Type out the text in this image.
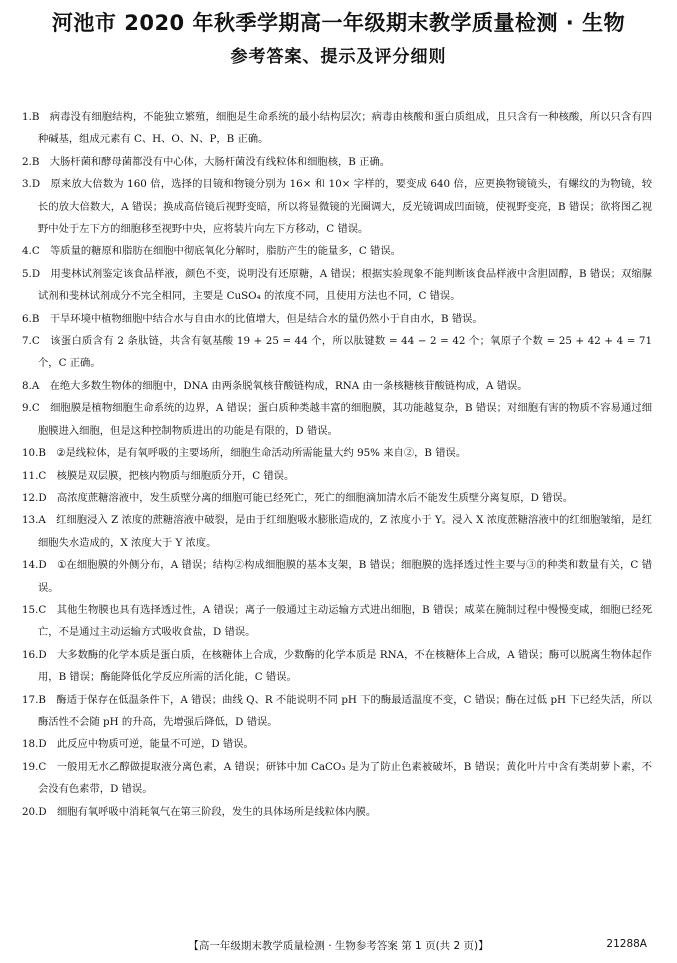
河池市 2020 年秋季学期高一年级期末教学质量检测 · 生物
参考答案、提示及评分细则

1.B  病毒没有细胞结构，不能独立繁殖，细胞是生命系统的最小结构层次；病毒由核酸和蛋白质组成，且只含有一种核酸，所以只含有四种碱基，组成元素有 C、H、O、N、P，B 正确。

2.B  大肠杆菌和酵母菌都没有中心体，大肠杆菌没有线粒体和细胞核，B 正确。

3.D  原来放大倍数为 160 倍，选择的目镜和物镜分别为 16× 和 10× 字样的，要变成 640 倍，应更换物镜镜头，有螺纹的为物镜，较长的放大倍数大，A 错误；换成高倍镜后视野变暗，所以将显微镜的光圈调大，反光镜调成凹面镜，使视野变亮，B 错误；欲将图乙视野中处于左下方的细胞移至视野中央，应将装片向左下方移动，C 错误。

4.C  等质量的糖原和脂肪在细胞中彻底氧化分解时，脂肪产生的能量多，C 错误。

5.D  用斐林试剂鉴定该食品样液，颜色不变，说明没有还原糖，A 错误；根据实验现象不能判断该食品样液中含胆固醇，B 错误；双缩脲试剂和斐林试剂成分不完全相同，主要是 CuSO₄ 的浓度不同，且使用方法也不同，C 错误。

6.B  干旱环境中植物细胞中结合水与自由水的比值增大，但是结合水的量仍然小于自由水，B 错误。

7.C  该蛋白质含有 2 条肽链，共含有氨基酸 19 + 25 = 44 个，所以肽键数 = 44 − 2 = 42 个；氧原子个数 = 25 + 42 + 4 = 71 个，C 正确。

8.A  在绝大多数生物体的细胞中，DNA 由两条脱氧核苷酸链构成，RNA 由一条核糖核苷酸链构成，A 错误。

9.C  细胞膜是植物细胞生命系统的边界，A 错误；蛋白质种类越丰富的细胞膜，其功能越复杂，B 错误；对细胞有害的物质不容易通过细胞膜进入细胞，但是这种控制物质进出的功能是有限的，D 错误。

10.B  ②是线粒体，是有氧呼吸的主要场所，细胞生命活动所需能量大约 95% 来自②，B 错误。

11.C  核膜是双层膜，把核内物质与细胞质分开，C 错误。

12.D  高浓度蔗糖溶液中，发生质壁分离的细胞可能已经死亡，死亡的细胞滴加清水后不能发生质壁分离复原，D 错误。

13.A  红细胞浸入 Z 浓度的蔗糖溶液中破裂，是由于红细胞吸水膨胀造成的，Z 浓度小于 Y。浸入 X 浓度蔗糖溶液中的红细胞皱缩，是红细胞失水造成的，X 浓度大于 Y 浓度。

14.D  ①在细胞膜的外侧分布，A 错误；结构②构成细胞膜的基本支架，B 错误；细胞膜的选择透过性主要与③的种类和数量有关，C 错误。

15.C  其他生物膜也具有选择透过性，A 错误；离子一般通过主动运输方式进出细胞，B 错误；咸菜在腌制过程中慢慢变咸，细胞已经死亡，不是通过主动运输方式吸收食盐，D 错误。

16.D  大多数酶的化学本质是蛋白质，在核糖体上合成，少数酶的化学本质是 RNA，不在核糖体上合成，A 错误；酶可以脱离生物体起作用，B 错误；酶能降低化学反应所需的活化能，C 错误。

17.B  酶适于保存在低温条件下，A 错误；曲线 Q、R 不能说明不同 pH 下的酶最适温度不变，C 错误；酶在过低 pH 下已经失活，所以酶活性不会随 pH 的升高，先增强后降低，D 错误。

18.D  此反应中物质可逆，能量不可逆，D 错误。

19.C  一般用无水乙醇做提取液分离色素，A 错误；研钵中加 CaCO₃ 是为了防止色素被破坏，B 错误；黄化叶片中含有类胡萝卜素，不会没有色素带，D 错误。

20.D  细胞有氧呼吸中消耗氧气在第三阶段，发生的具体场所是线粒体内膜。

【高一年级期末教学质量检测 · 生物参考答案 第 1 页(共 2 页)】	21288A
